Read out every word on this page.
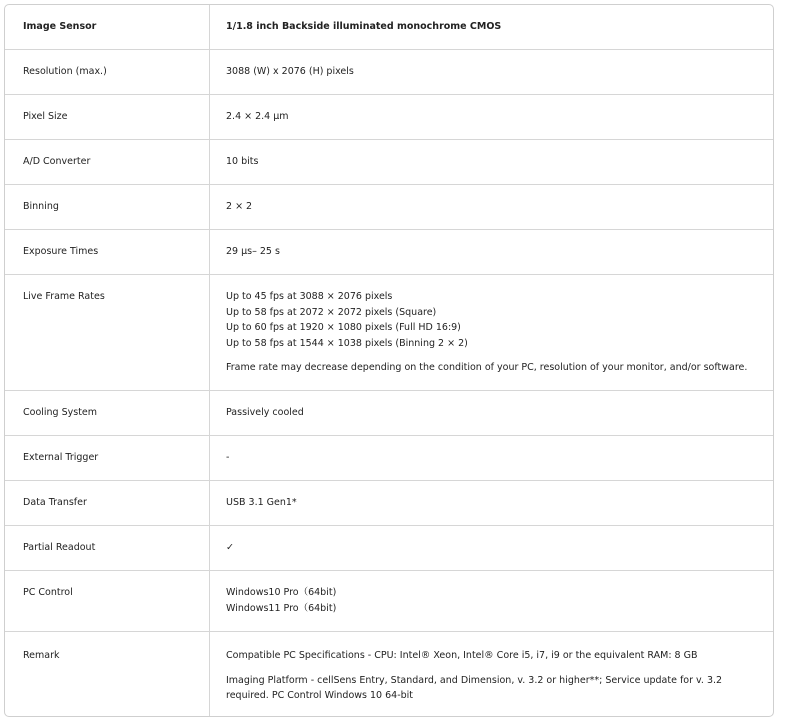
Image Sensor	1/1.8 inch Backside illuminated monochrome CMOS
Resolution (max.)	3088 (W) x 2076 (H) pixels
Pixel Size	2.4 × 2.4 μm
A/D Converter	10 bits
Binning	2 × 2
Exposure Times	29 μs– 25 s
Live Frame Rates	Up to 45 fps at 3088 × 2076 pixels
Up to 58 fps at 2072 × 2072 pixels (Square)
Up to 60 fps at 1920 × 1080 pixels (Full HD 16:9)
Up to 58 fps at 1544 × 1038 pixels (Binning 2 × 2)
Frame rate may decrease depending on the condition of your PC, resolution of your monitor, and/or software.
Cooling System	Passively cooled
External Trigger	-
Data Transfer	USB 3.1 Gen1*
Partial Readout	✓
PC Control	Windows10 Pro（64bit)
Windows11 Pro（64bit)
Remark	Compatible PC Specifications - CPU: Intel® Xeon, Intel® Core i5, i7, i9 or the equivalent RAM: 8 GB
Imaging Platform - cellSens Entry, Standard, and Dimension, v. 3.2 or higher**; Service update for v. 3.2 required. PC Control Windows 10 64-bit
